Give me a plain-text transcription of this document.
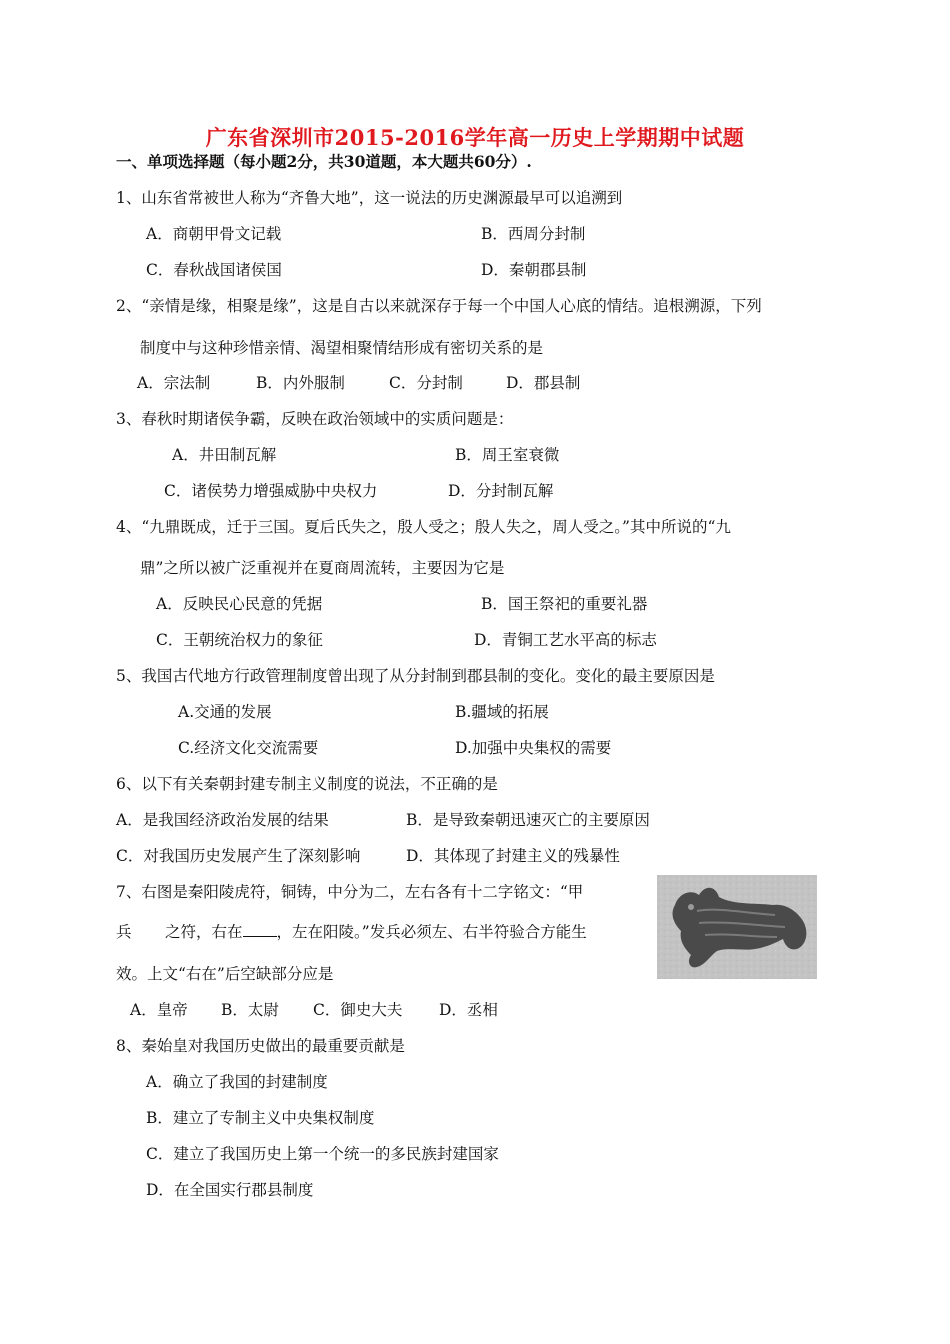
广东省深圳市2015-2016学年高一历史上学期期中试题
一、单项选择题（每小题2分，共30道题，本大题共60分）.
1、山东省常被世人称为“齐鲁大地”，这一说法的历史渊源最早可以追溯到
A．商朝甲骨文记载	B．西周分封制
C．春秋战国诸侯国	D．秦朝郡县制
2、“亲情是缘，相聚是缘”，这是自古以来就深存于每一个中国人心底的情结。追根溯源，下列
制度中与这种珍惜亲情、渴望相聚情结形成有密切关系的是
A．宗法制	B．内外服制	C．分封制	D．郡县制
3、春秋时期诸侯争霸，反映在政治领域中的实质问题是：
A．井田制瓦解	B．周王室衰微
C．诸侯势力增强威胁中央权力	D．分封制瓦解
4、“九鼎既成，迁于三国。夏后氏失之，殷人受之；殷人失之，周人受之。”其中所说的“九
鼎”之所以被广泛重视并在夏商周流转，主要因为它是
A．反映民心民意的凭据	B．国王祭祀的重要礼器
C．王朝统治权力的象征	D．青铜工艺水平高的标志
5、我国古代地方行政管理制度曾出现了从分封制到郡县制的变化。变化的最主要原因是
A.交通的发展	B.疆域的拓展
C.经济文化交流需要	D.加强中央集权的需要
6、以下有关秦朝封建专制主义制度的说法，不正确的是
A．是我国经济政治发展的结果	B．是导致秦朝迅速灭亡的主要原因
C．对我国历史发展产生了深刻影响	D．其体现了封建主义的残暴性
7、右图是秦阳陵虎符，铜铸，中分为二，左右各有十二字铭文：“甲
兵 之符，右在 ，左在阳陵。”发兵必须左、右半符验合方能生
效。上文“右在”后空缺部分应是
A．皇帝 B．太尉 C．御史大夫 D．丞相
8、秦始皇对我国历史做出的最重要贡献是
A．确立了我国的封建制度
B．建立了专制主义中央集权制度
C．建立了我国历史上第一个统一的多民族封建国家
D．在全国实行郡县制度
